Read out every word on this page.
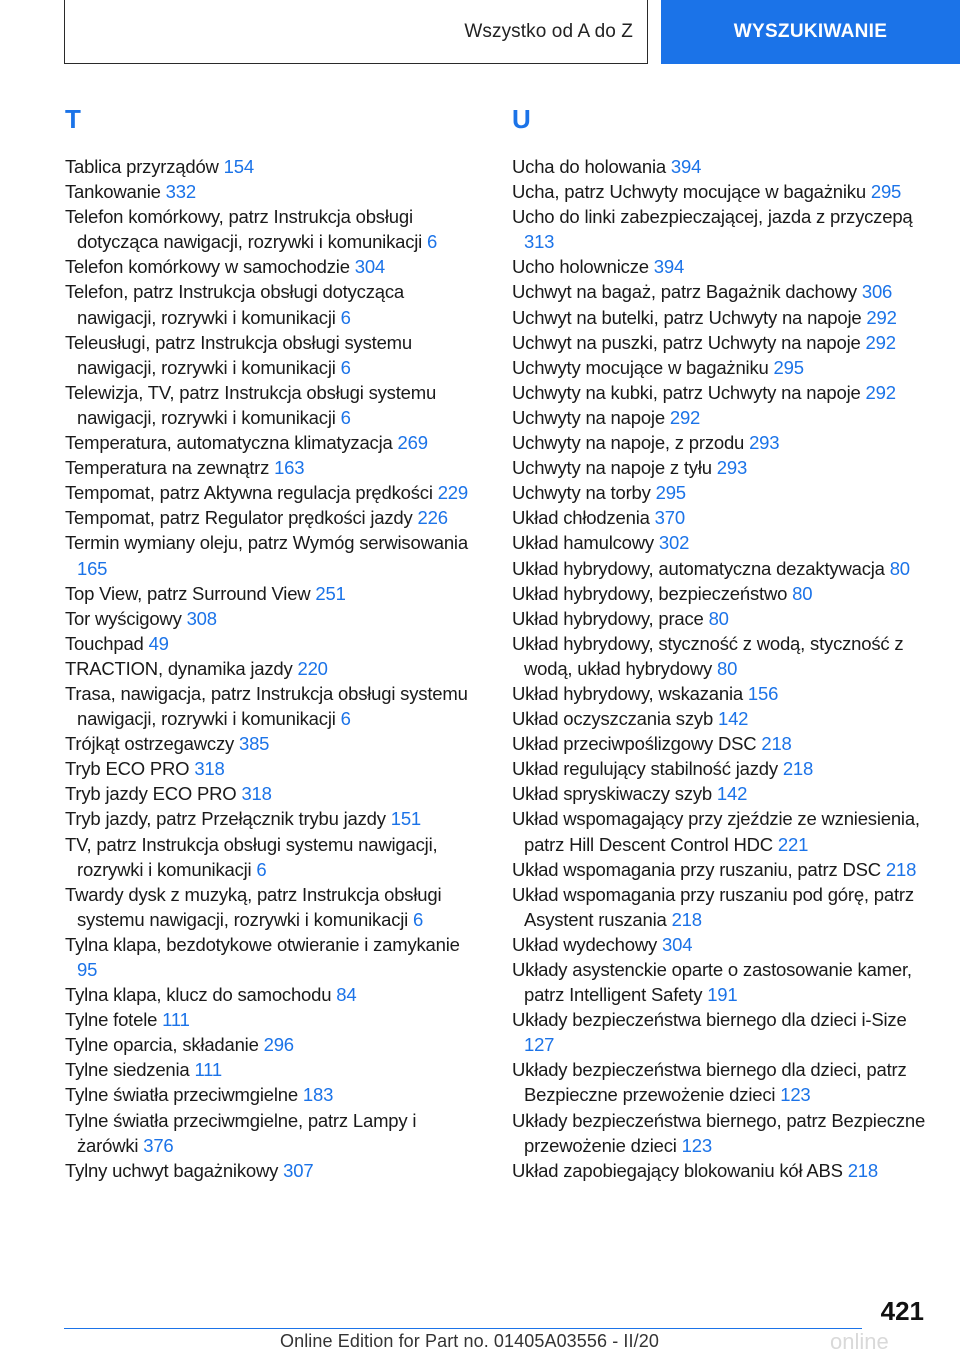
Wszystko od A do Z	WYSZUKIWANIE
T
Tablica przyrządów 154
Tankowanie 332
Telefon komórkowy, patrz Instrukcja obsługi dotycząca nawigacji, rozrywki i komunikacji 6
Telefon komórkowy w samochodzie 304
Telefon, patrz Instrukcja obsługi dotycząca nawigacji, rozrywki i komunikacji 6
Teleusługi, patrz Instrukcja obsługi systemu nawigacji, rozrywki i komunikacji 6
Telewizja, TV, patrz Instrukcja obsługi systemu nawigacji, rozrywki i komunikacji 6
Temperatura, automatyczna klimatyzacja 269
Temperatura na zewnątrz 163
Tempomat, patrz Aktywna regulacja prędkości 229
Tempomat, patrz Regulator prędkości jazdy 226
Termin wymiany oleju, patrz Wymóg serwisowania 165
Top View, patrz Surround View 251
Tor wyścigowy 308
Touchpad 49
TRACTION, dynamika jazdy 220
Trasa, nawigacja, patrz Instrukcja obsługi systemu nawigacji, rozrywki i komunikacji 6
Trójkąt ostrzegawczy 385
Tryb ECO PRO 318
Tryb jazdy ECO PRO 318
Tryb jazdy, patrz Przełącznik trybu jazdy 151
TV, patrz Instrukcja obsługi systemu nawigacji, rozrywki i komunikacji 6
Twardy dysk z muzyką, patrz Instrukcja obsługi systemu nawigacji, rozrywki i komunikacji 6
Tylna klapa, bezdotykowe otwieranie i zamykanie 95
Tylna klapa, klucz do samochodu 84
Tylne fotele 111
Tylne oparcia, składanie 296
Tylne siedzenia 111
Tylne światła przeciwmgielne 183
Tylne światła przeciwmgielne, patrz Lampy i żarówki 376
Tylny uchwyt bagażnikowy 307
U
Ucha do holowania 394
Ucha, patrz Uchwyty mocujące w bagażniku 295
Ucho do linki zabezpieczającej, jazda z przyczepą 313
Ucho holownicze 394
Uchwyt na bagaż, patrz Bagażnik dachowy 306
Uchwyt na butelki, patrz Uchwyty na napoje 292
Uchwyt na puszki, patrz Uchwyty na napoje 292
Uchwyty mocujące w bagażniku 295
Uchwyty na kubki, patrz Uchwyty na napoje 292
Uchwyty na napoje 292
Uchwyty na napoje, z przodu 293
Uchwyty na napoje z tyłu 293
Uchwyty na torby 295
Układ chłodzenia 370
Układ hamulcowy 302
Układ hybrydowy, automatyczna dezaktywacja 80
Układ hybrydowy, bezpieczeństwo 80
Układ hybrydowy, prace 80
Układ hybrydowy, styczność z wodą, styczność z wodą, układ hybrydowy 80
Układ hybrydowy, wskazania 156
Układ oczyszczania szyb 142
Układ przeciwpoślizgowy DSC 218
Układ regulujący stabilność jazdy 218
Układ spryskiwaczy szyb 142
Układ wspomagający przy zjeździe ze wzniesienia, patrz Hill Descent Control HDC 221
Układ wspomagania przy ruszaniu, patrz DSC 218
Układ wspomagania przy ruszaniu pod górę, patrz Asystent ruszania 218
Układ wydechowy 304
Układy asystenckie oparte o zastosowanie kamer, patrz Intelligent Safety 191
Układy bezpieczeństwa biernego dla dzieci i-Size 127
Układy bezpieczeństwa biernego dla dzieci, patrz Bezpieczne przewożenie dzieci 123
Układy bezpieczeństwa biernego, patrz Bezpieczne przewożenie dzieci 123
Układ zapobiegający blokowaniu kół ABS 218
421
Online Edition for Part no. 01405A03556 - II/20	online
